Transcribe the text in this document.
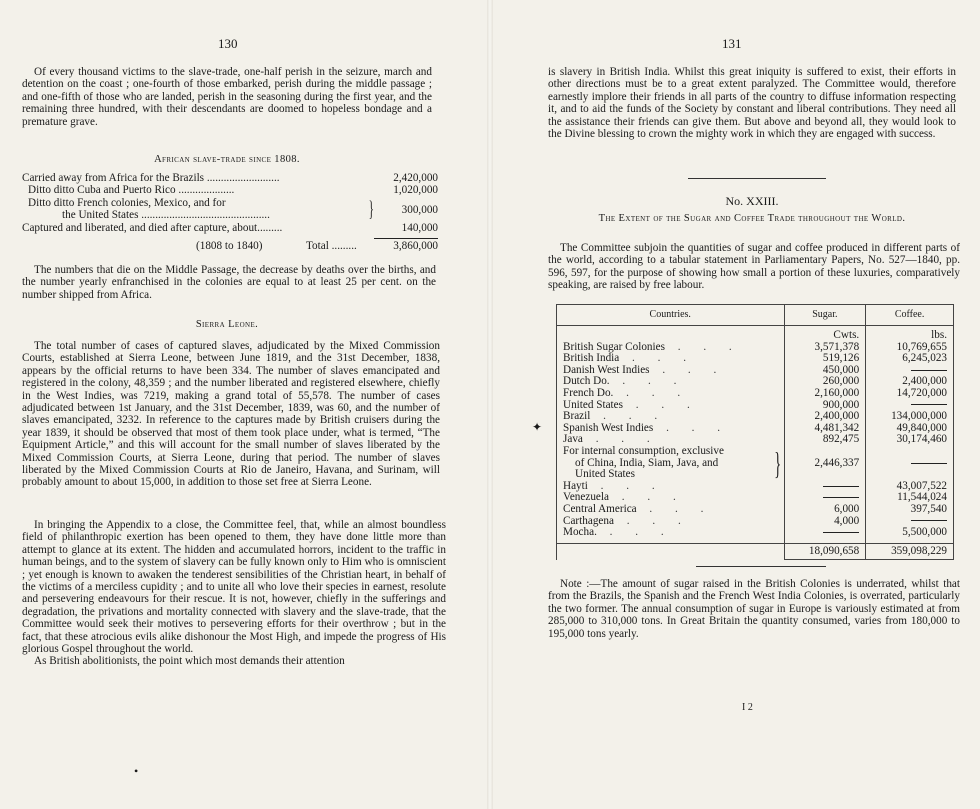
130

Of every thousand victims to the slave-trade, one-half perish in the seizure, march and detention on the coast ; one-fourth of those embarked, perish during the middle passage ; and one-fifth of those who are landed, perish in the seasoning during the first year, and the remaining three hundred, with their descendants are doomed to hopeless bondage and a premature grave.

African slave-trade since 1808.
Carried away from Africa for the Brazils ..........................	2,420,000
Ditto ditto Cuba and Puerto Rico ....................	1,020,000
Ditto ditto French colonies, Mexico, and for
the United States ..............................................	}	300,000
Captured and liberated, and died after capture, about.........	140,000
(1808 to 1840)	Total .........	3,860,000

The numbers that die on the Middle Passage, the decrease by deaths over the births, and the number yearly enfranchised in the colonies are equal to at least 25 per cent. on the number shipped from Africa.

Sierra Leone.

The total number of cases of captured slaves, adjudicated by the Mixed Commission Courts, established at Sierra Leone, between June 1819, and the 31st December, 1838, appears by the official returns to have been 334. The number of slaves emancipated and registered in the colony, 48,359 ; and the number liberated and registered elsewhere, chiefly in the West Indies, was 7219, making a grand total of 55,578. The number of cases adjudicated between 1st January, and the 31st December, 1839, was 60, and the number of slaves emancipated, 3232. In reference to the captures made by British cruisers during the year 1839, it should be observed that most of them took place under, what is termed, “The Equipment Article,” and this will account for the small number of slaves liberated by the Mixed Commission Courts, at Sierra Leone, during that period. The number of slaves liberated by the Mixed Commission Courts at Rio de Janeiro, Havana, and Surinam, will probably amount to about 15,000, in addition to those set free at Sierra Leone.

In bringing the Appendix to a close, the Committee feel, that, while an almost boundless field of philanthropic exertion has been opened to them, they have done little more than attempt to glance at its extent. The hidden and accumulated horrors, incident to the traffic in human beings, and to the system of slavery can be fully known only to Him who is omniscient ; yet enough is known to awaken the tenderest sensibilities of the Christian heart, in behalf of the victims of a merciless cupidity ; and to unite all who love their species in earnest, resolute and persevering endeavours for their rescue. It is not, however, chiefly in the sufferings and degradation, the privations and mortality connected with slavery and the slave-trade, that the Committee would seek their motives to persevering efforts for their overthrow ; but in the fact, that these atrocious evils alike dishonour the Most High, and impede the progress of His glorious Gospel throughout the world.

As British abolitionists, the point which most demands their attention

•
131

is slavery in British India. Whilst this great iniquity is suffered to exist, their efforts in other directions must be to a great extent paralyzed. The Committee would, therefore earnestly implore their friends in all parts of the country to diffuse information respecting it, and to aid the funds of the Society by constant and liberal contributions. They need all the assistance their friends can give them. But above and beyond all, they would look to the Divine blessing to crown the mighty work in which they are engaged with success.

No. XXIII.
The Extent of the Sugar and Coffee Trade throughout the World.

The Committee subjoin the quantities of sugar and coffee produced in different parts of the world, according to a tabular statement in Parliamentary Papers, No. 527—1840, pp. 596, 597, for the purpose of showing how small a portion of these luxuries, comparatively speaking, are raised by free labour.

Countries.	Sugar.	Coffee.
	Cwts.	lbs.
British Sugar Colonies . . .	3,571,378	10,769,655
British India . . .	519,126	6,245,023
Danish West Indies . . .	450,000	
Dutch Do. . . .	260,000	2,400,000
French Do. . . .	2,160,000	14,720,000
United States . . .	900,000	
Brazil . . .	2,400,000	134,000,000
Spanish West Indies . . .	4,481,342	49,840,000
Java . . .	892,475	30,174,460

For internal consumption, exclusive
of China, India, Siam, Java, and
United States }	2,446,337	
Hayti . . .		43,007,522
Venezuela . . .		11,544,024
Central America . . .	6,000	397,540
Carthagena . . .	4,000	
Mocha. . . .		5,500,000
	18,090,658	359,098,229
✦

Note :—The amount of sugar raised in the British Colonies is underrated, whilst that from the Brazils, the Spanish and the French West India Colonies, is overrated, particularly the two former. The annual consumption of sugar in Europe is variously estimated at from 285,000 to 310,000 tons. In Great Britain the quantity consumed, varies from 180,000 to 195,000 tons yearly.

I 2
